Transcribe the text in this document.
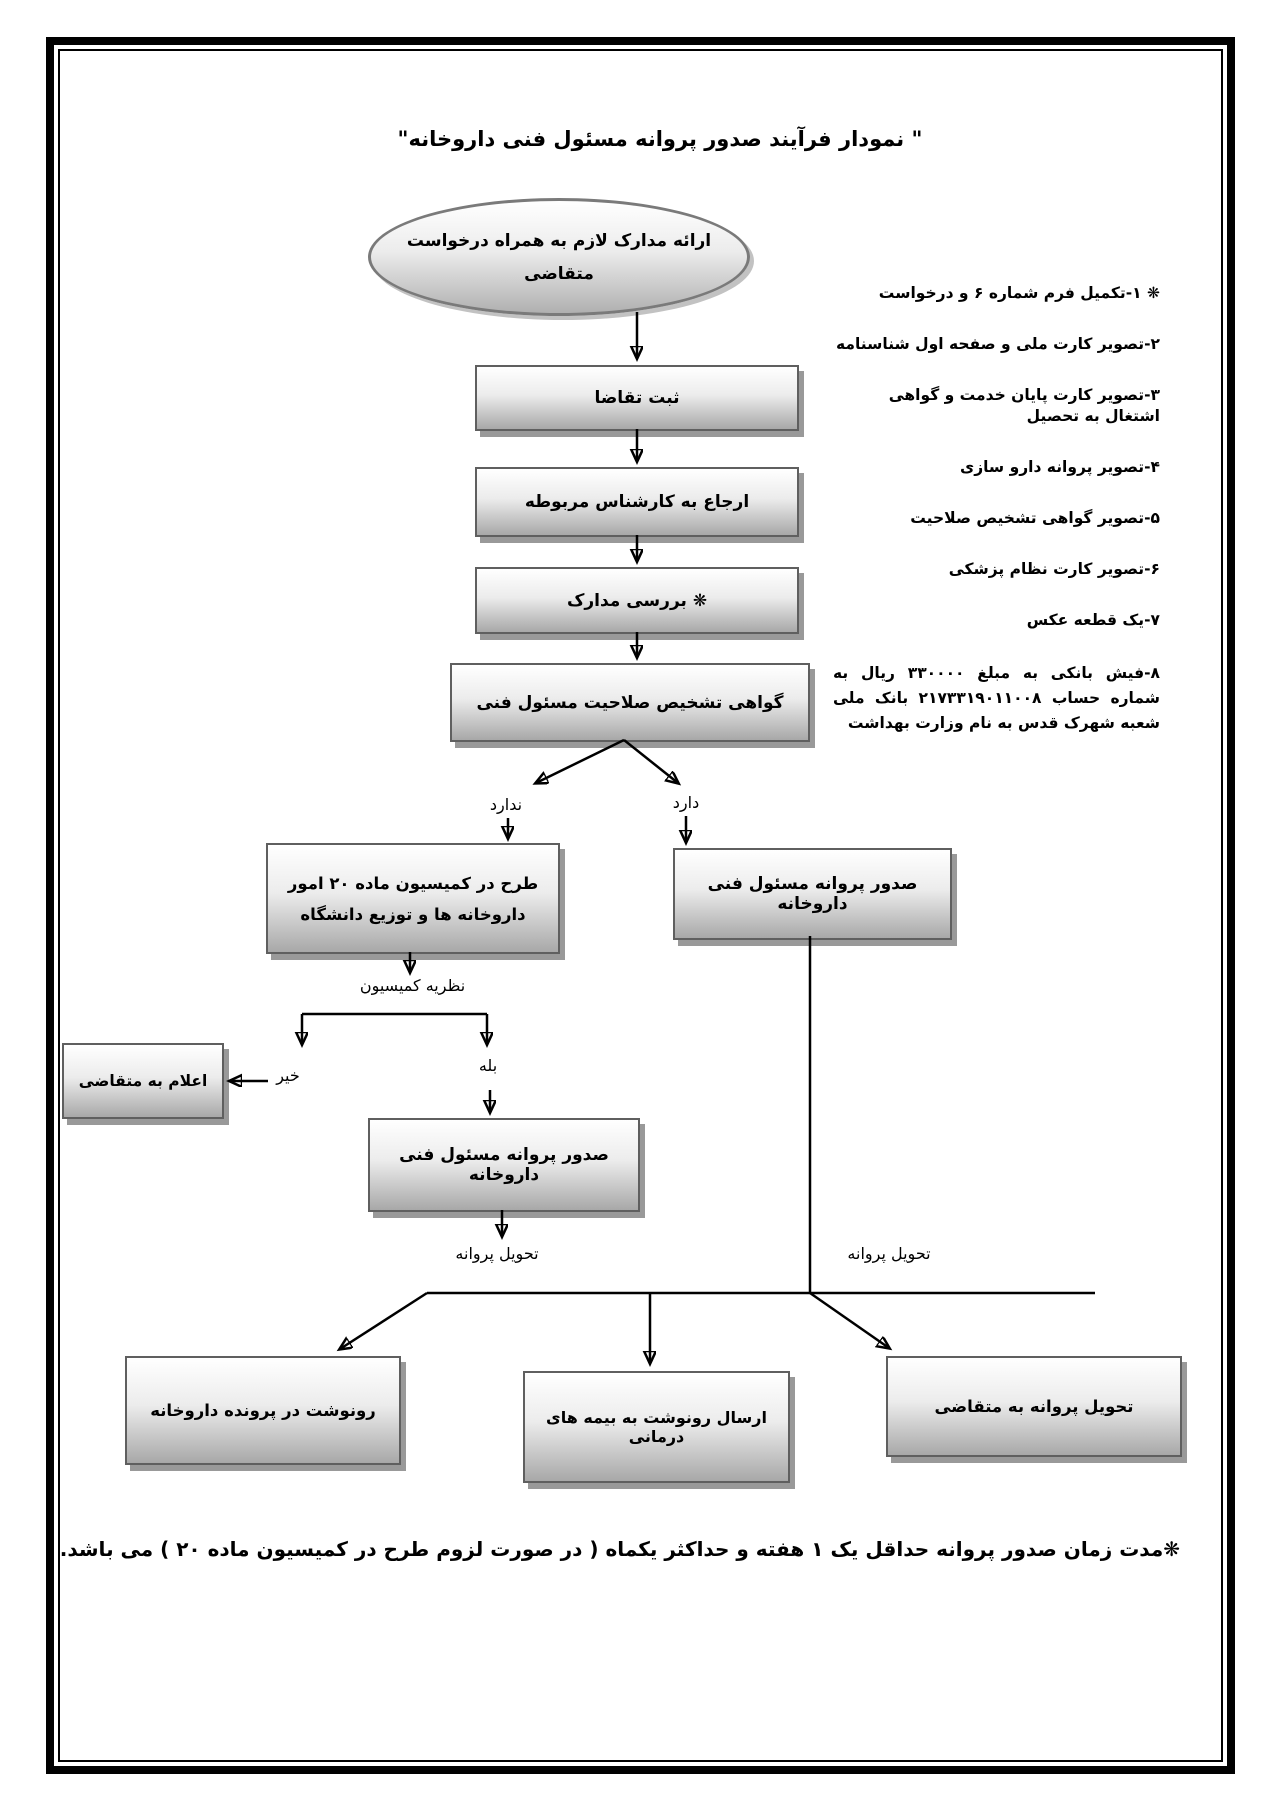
" نمودار فرآیند صدور پروانه مسئول فنی داروخانه"
❋ ۱-تکمیل فرم شماره ۶ و درخواست
۲-تصویر کارت ملی و صفحه اول شناسنامه
۳-تصویر کارت پایان خدمت و گواهی اشتغال به تحصیل
۴-تصویر پروانه دارو سازی
۵-تصویر گواهی تشخیص صلاحیت
۶-تصویر کارت نظام پزشکی
۷-یک قطعه عکس
۸-فیش بانکی به مبلغ ۳۳۰۰۰۰ ریال به شماره حساب ۲۱۷۳۳۱۹۰۱۱۰۰۸ بانک ملی شعبه شهرک قدس به نام وزارت بهداشت
ارائه مدارک لازم به همراه درخواست
متقاضی
ثبت تقاضا
ارجاع به کارشناس مربوطه
❋ بررسی مدارک
گواهی تشخیص صلاحیت مسئول فنی
طرح در کمیسیون ماده ۲۰ امور
داروخانه ها و توزیع دانشگاه
صدور پروانه مسئول فنی داروخانه
اعلام به متقاضی
صدور پروانه مسئول فنی داروخانه
رونوشت در پرونده داروخانه	ارسال رونوشت به بیمه های درمانی
تحویل پروانه به متقاضی
ندارد	دارد
نظریه کمیسیون
خیر
بله
تحویل پروانه	تحویل پروانه
❋مدت زمان صدور پروانه حداقل یک ۱ هفته و حداکثر یکماه ( در صورت لزوم طرح در کمیسیون ماده ۲۰ ) می باشد.
